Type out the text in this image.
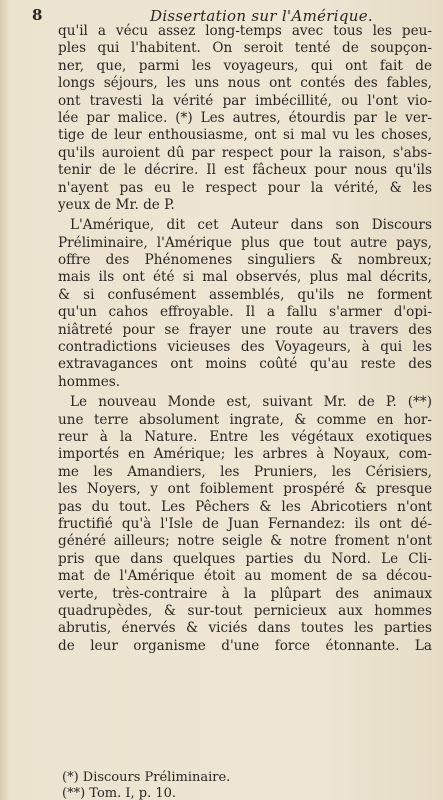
8	Dissertation sur l'Amérique.
qu'il a vécu assez long-temps avec tous les peu-
ples qui l'habitent. On seroit tenté de soupçon-
ner, que, parmi les voyageurs, qui ont fait de
longs séjours, les uns nous ont contés des fables,
ont travesti la vérité par imbécillité, ou l'ont vio-
lée par malice. (*) Les autres, étourdis par le ver-
tige de leur enthousiasme, ont si mal vu les choses,
qu'ils auroient dû par respect pour la raison, s'abs-
tenir de le décrire. Il est fâcheux pour nous qu'ils
n'ayent pas eu le respect pour la vérité, & les
yeux de Mr. de P.
L'Amérique, dit cet Auteur dans son Discours
Préliminaire, l'Amérique plus que tout autre pays,
offre des Phénomenes singuliers & nombreux;
mais ils ont été si mal observés, plus mal décrits,
& si confusément assemblés, qu'ils ne forment
qu'un cahos effroyable. Il a fallu s'armer d'opi-
niâtreté pour se frayer une route au travers des
contradictions vicieuses des Voyageurs, à qui les
extravagances ont moins coûté qu'au reste des
hommes.
Le nouveau Monde est, suivant Mr. de P. (**)
une terre absolument ingrate, & comme en hor-
reur à la Nature. Entre les végétaux exotiques
importés en Amérique; les arbres à Noyaux, com-
me les Amandiers, les Pruniers, les Cérisiers,
les Noyers, y ont foiblement prospéré & presque
pas du tout. Les Pêchers & les Abricotiers n'ont
fructifié qu'à l'Isle de Juan Fernandez: ils ont dé-
généré ailleurs; notre seigle & notre froment n'ont
pris que dans quelques parties du Nord. Le Cli-
mat de l'Amérique étoit au moment de sa décou-
verte, très-contraire à la plûpart des animaux
quadrupèdes, & sur-tout pernicieux aux hommes
abrutis, énervés & viciés dans toutes les parties
de leur organisme d'une force étonnante. La
(*) Discours Préliminaire.
(**) Tom. I, p. 10.
